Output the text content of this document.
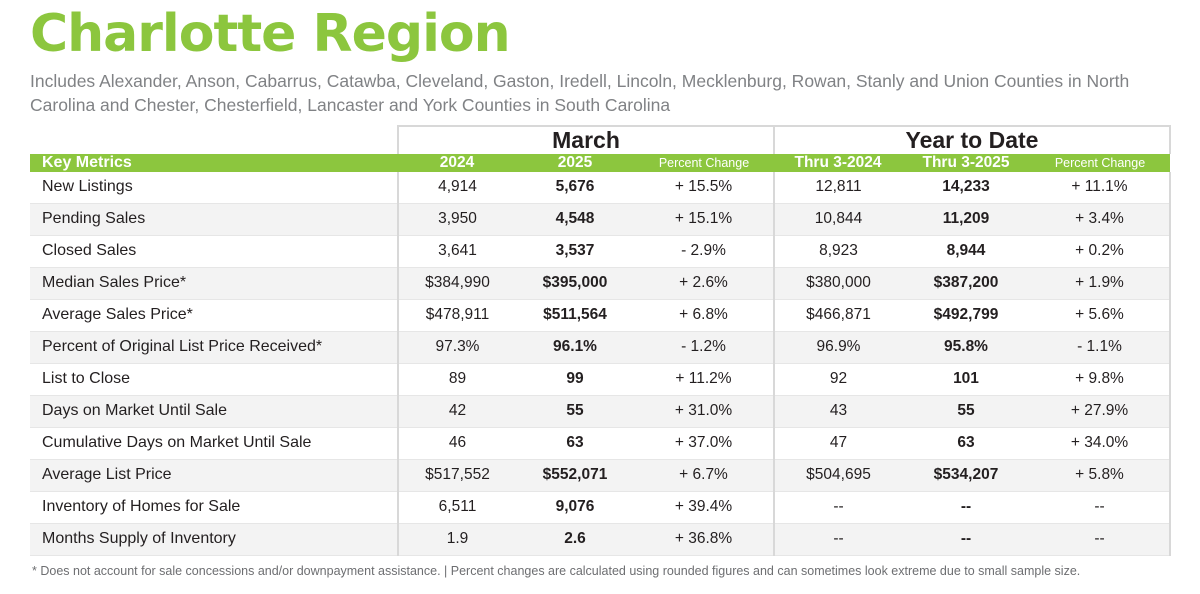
Charlotte Region
Includes Alexander, Anson, Cabarrus, Catawba, Cleveland, Gaston, Iredell, Lincoln, Mecklenburg, Rowan, Stanly and Union Counties in North Carolina and Chester, Chesterfield, Lancaster and York Counties in South Carolina
	March			Year to Date		
Key Metrics	2024	2025	Percent Change	Thru 3-2024	Thru 3-2025	Percent Change
New Listings	4,914	5,676	+ 15.5%	12,811	14,233	+ 11.1%
Pending Sales	3,950	4,548	+ 15.1%	10,844	11,209	+ 3.4%
Closed Sales	3,641	3,537	- 2.9%	8,923	8,944	+ 0.2%
Median Sales Price*	$384,990	$395,000	+ 2.6%	$380,000	$387,200	+ 1.9%
Average Sales Price*	$478,911	$511,564	+ 6.8%	$466,871	$492,799	+ 5.6%
Percent of Original List Price Received*	97.3%	96.1%	- 1.2%	96.9%	95.8%	- 1.1%
List to Close	89	99	+ 11.2%	92	101	+ 9.8%
Days on Market Until Sale	42	55	+ 31.0%	43	55	+ 27.9%
Cumulative Days on Market Until Sale	46	63	+ 37.0%	47	63	+ 34.0%
Average List Price	$517,552	$552,071	+ 6.7%	$504,695	$534,207	+ 5.8%
Inventory of Homes for Sale	6,511	9,076	+ 39.4%	--	--	--
Months Supply of Inventory	1.9	2.6	+ 36.8%	--	--	--
* Does not account for sale concessions and/or downpayment assistance. | Percent changes are calculated using rounded figures and can sometimes look extreme due to small sample size.
